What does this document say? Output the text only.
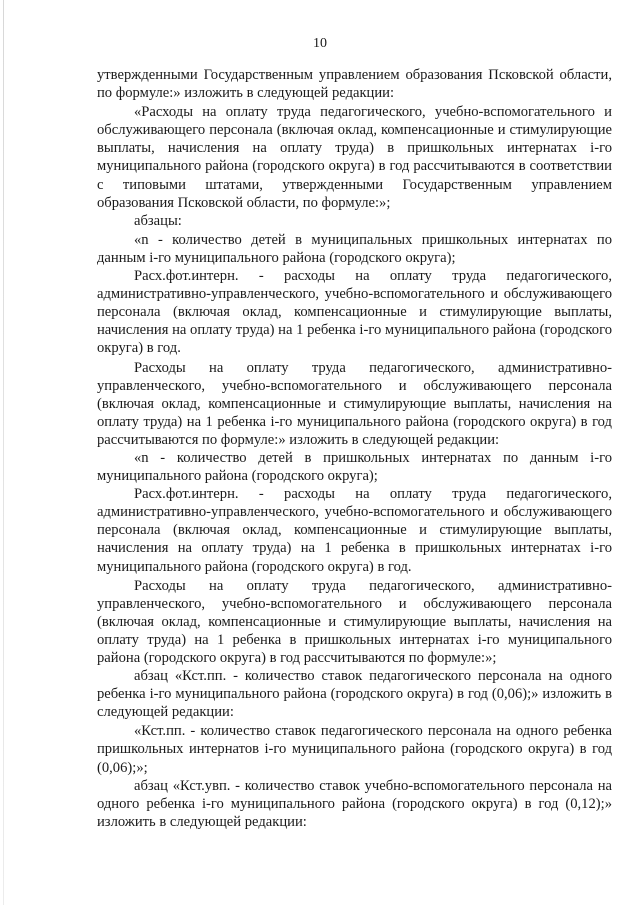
10

утвержденными Государственным управлением образования Псковской области, по формуле:» изложить в следующей редакции:

«Расходы на оплату труда педагогического, учебно-вспомогательного и обслуживающего персонала (включая оклад, компенсационные и стимулирующие выплаты, начисления на оплату труда) в пришкольных интернатах i-го муниципального района (городского округа) в год рассчитываются в соответствии с типовыми штатами, утвержденными Государственным управлением образования Псковской области, по формуле:»;

абзацы:

«n - количество детей в муниципальных пришкольных интернатах по данным i-го муниципального района (городского округа);

Расх.фот.интерн. - расходы на оплату труда педагогического, административно-управленческого, учебно-вспомогательного и обслуживающего персонала (включая оклад, компенсационные и стимулирующие выплаты, начисления на оплату труда) на 1 ребенка i-го муниципального района (городского округа) в год.

Расходы на оплату труда педагогического, административно-управленческого, учебно-вспомогательного и обслуживающего персонала (включая оклад, компенсационные и стимулирующие выплаты, начисления на оплату труда) на 1 ребенка i-го муниципального района (городского округа) в год рассчитываются по формуле:» изложить в следующей редакции:

«n - количество детей в пришкольных интернатах по данным i-го муниципального района (городского округа);

Расх.фот.интерн. - расходы на оплату труда педагогического, административно-управленческого, учебно-вспомогательного и обслуживающего персонала (включая оклад, компенсационные и стимулирующие выплаты, начисления на оплату труда) на 1 ребенка в пришкольных интернатах i-го муниципального района (городского округа) в год.

Расходы на оплату труда педагогического, административно-управленческого, учебно-вспомогательного и обслуживающего персонала (включая оклад, компенсационные и стимулирующие выплаты, начисления на оплату труда) на 1 ребенка в пришкольных интернатах i-го муниципального района (городского округа) в год рассчитываются по формуле:»;

абзац «Кст.пп. - количество ставок педагогического персонала на одного ребенка i-го муниципального района (городского округа) в год (0,06);» изложить в следующей редакции:

«Кст.пп. - количество ставок педагогического персонала на одного ребенка пришкольных интернатов i-го муниципального района (городского округа) в год (0,06);»;

абзац «Кст.увп. - количество ставок учебно-вспомогательного персонала на одного ребенка i-го муниципального района (городского округа) в год (0,12);» изложить в следующей редакции:
